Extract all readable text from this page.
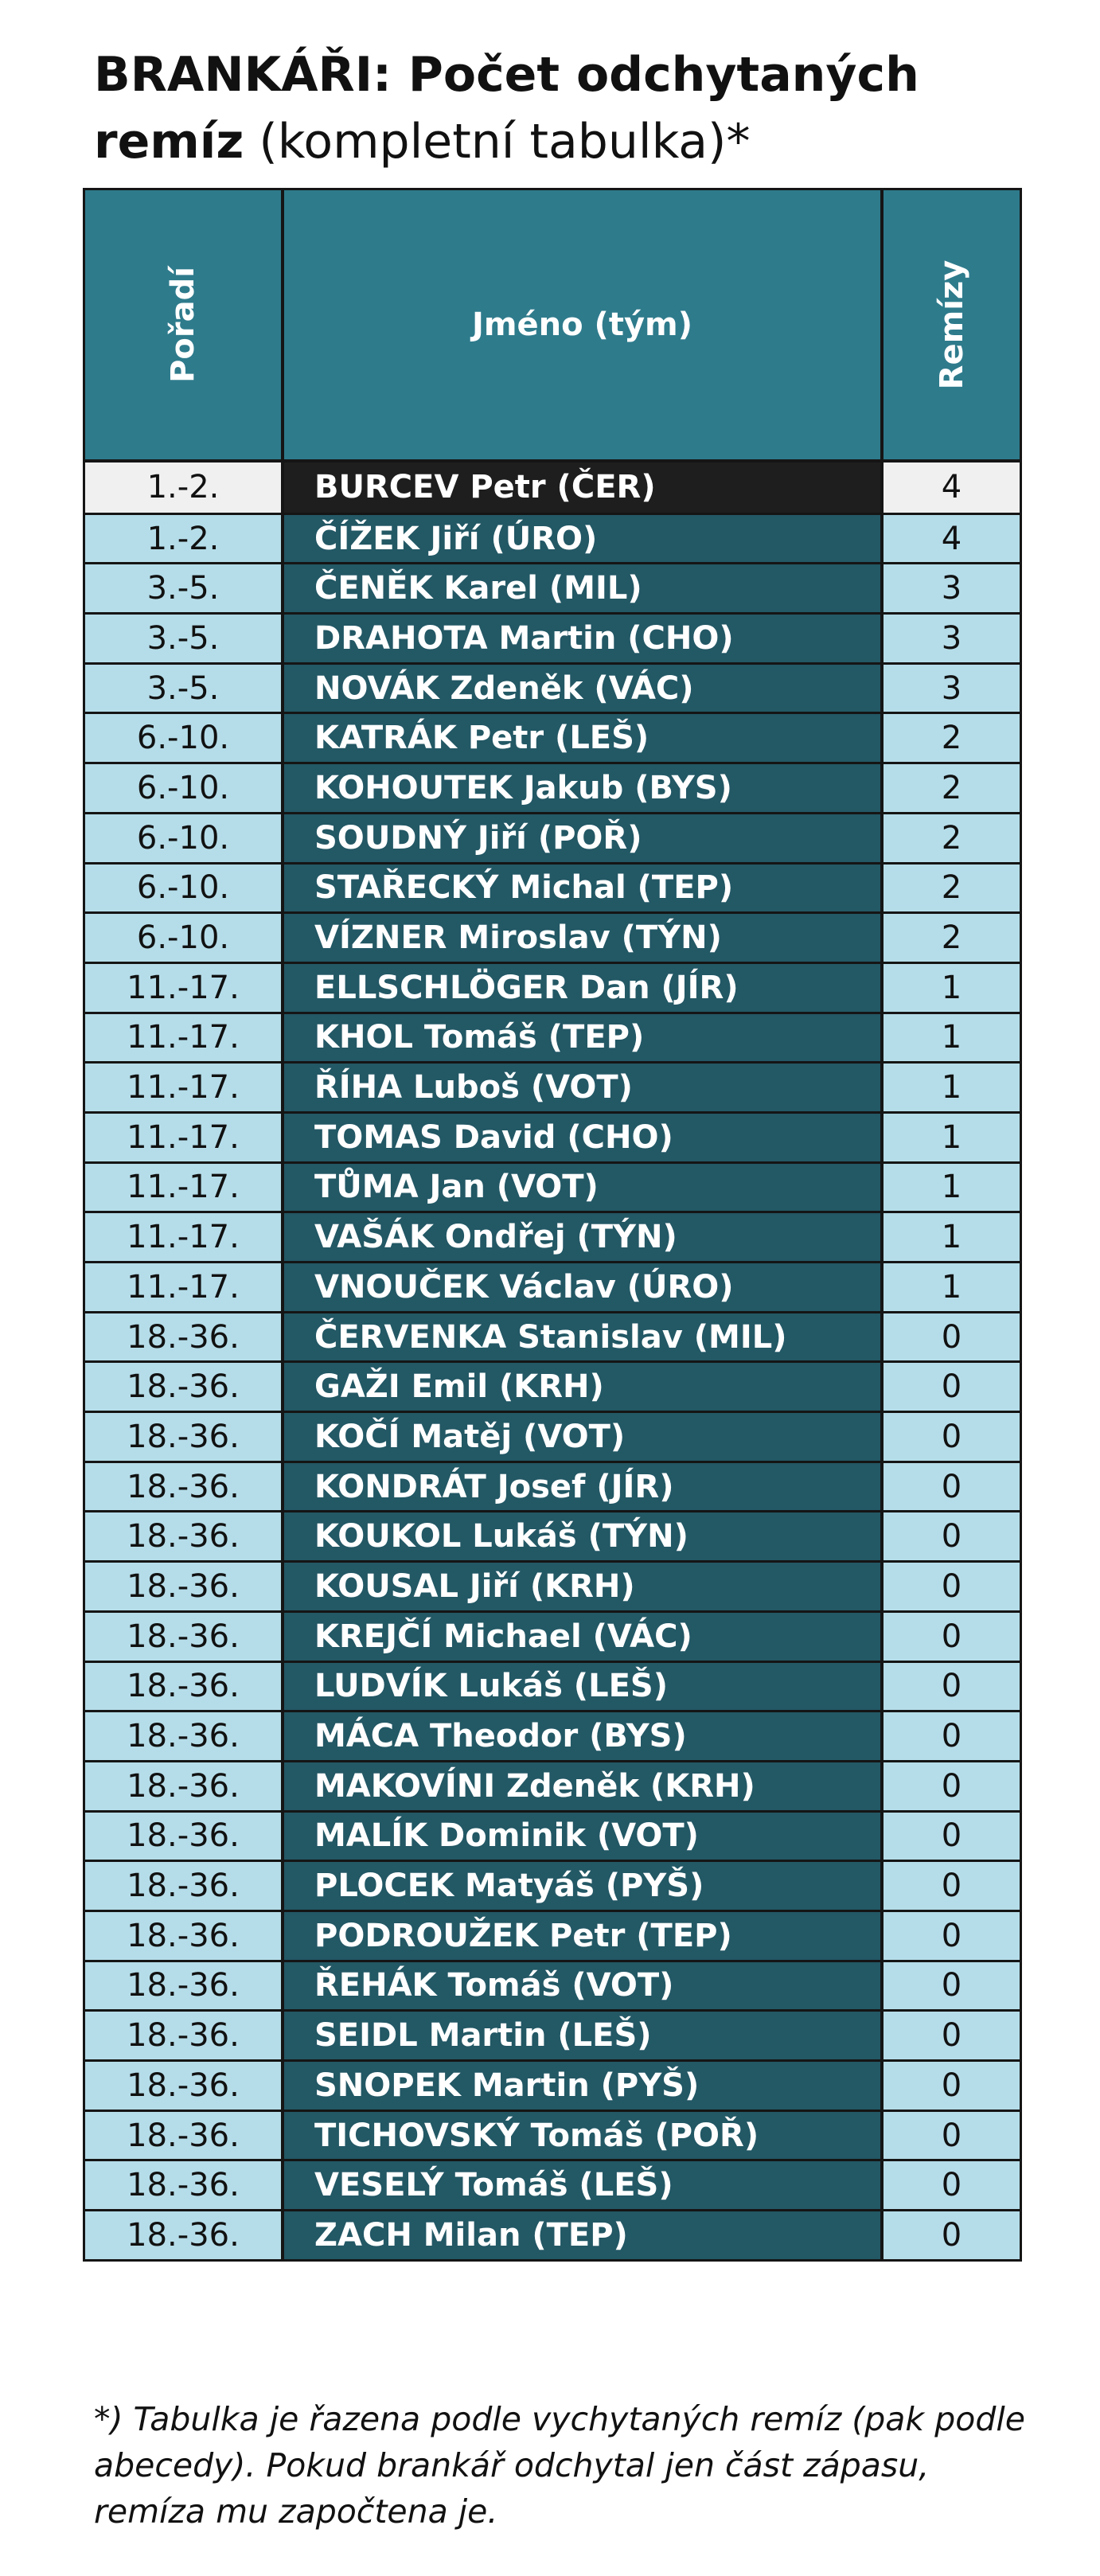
BRANKÁŘI: Počet odchytaných
remíz (kompletní tabulka)*
Pořadí	Jméno (tým)	Remízy
1.-2.	BURCEV Petr (ČER)	4
1.-2.	ČÍŽEK Jiří (ÚRO)	4
3.-5.	ČENĚK Karel (MIL)	3
3.-5.	DRAHOTA Martin (CHO)	3
3.-5.	NOVÁK Zdeněk (VÁC)	3
6.-10.	KATRÁK Petr (LEŠ)	2
6.-10.	KOHOUTEK Jakub (BYS)	2
6.-10.	SOUDNÝ Jiří (POŘ)	2
6.-10.	STAŘECKÝ Michal (TEP)	2
6.-10.	VÍZNER Miroslav (TÝN)	2
11.-17.	ELLSCHLÖGER Dan (JÍR)	1
11.-17.	KHOL Tomáš (TEP)	1
11.-17.	ŘÍHA Luboš (VOT)	1
11.-17.	TOMAS David (CHO)	1
11.-17.	TŮMA Jan (VOT)	1
11.-17.	VAŠÁK Ondřej (TÝN)	1
11.-17.	VNOUČEK Václav (ÚRO)	1
18.-36.	ČERVENKA Stanislav (MIL)	0
18.-36.	GAŽI Emil (KRH)	0
18.-36.	KOČÍ Matěj (VOT)	0
18.-36.	KONDRÁT Josef (JÍR)	0
18.-36.	KOUKOL Lukáš (TÝN)	0
18.-36.	KOUSAL Jiří (KRH)	0
18.-36.	KREJČÍ Michael (VÁC)	0
18.-36.	LUDVÍK Lukáš (LEŠ)	0
18.-36.	MÁCA Theodor (BYS)	0
18.-36.	MAKOVÍNI Zdeněk (KRH)	0
18.-36.	MALÍK Dominik (VOT)	0
18.-36.	PLOCEK Matyáš (PYŠ)	0
18.-36.	PODROUŽEK Petr (TEP)	0
18.-36.	ŘEHÁK Tomáš (VOT)	0
18.-36.	SEIDL Martin (LEŠ)	0
18.-36.	SNOPEK Martin (PYŠ)	0
18.-36.	TICHOVSKÝ Tomáš (POŘ)	0
18.-36.	VESELÝ Tomáš (LEŠ)	0
18.-36.	ZACH Milan (TEP)	0
*) Tabulka je řazena podle vychytaných remíz (pak podle abecedy). Pokud brankář odchytal jen část zápasu, remíza mu započtena je.
